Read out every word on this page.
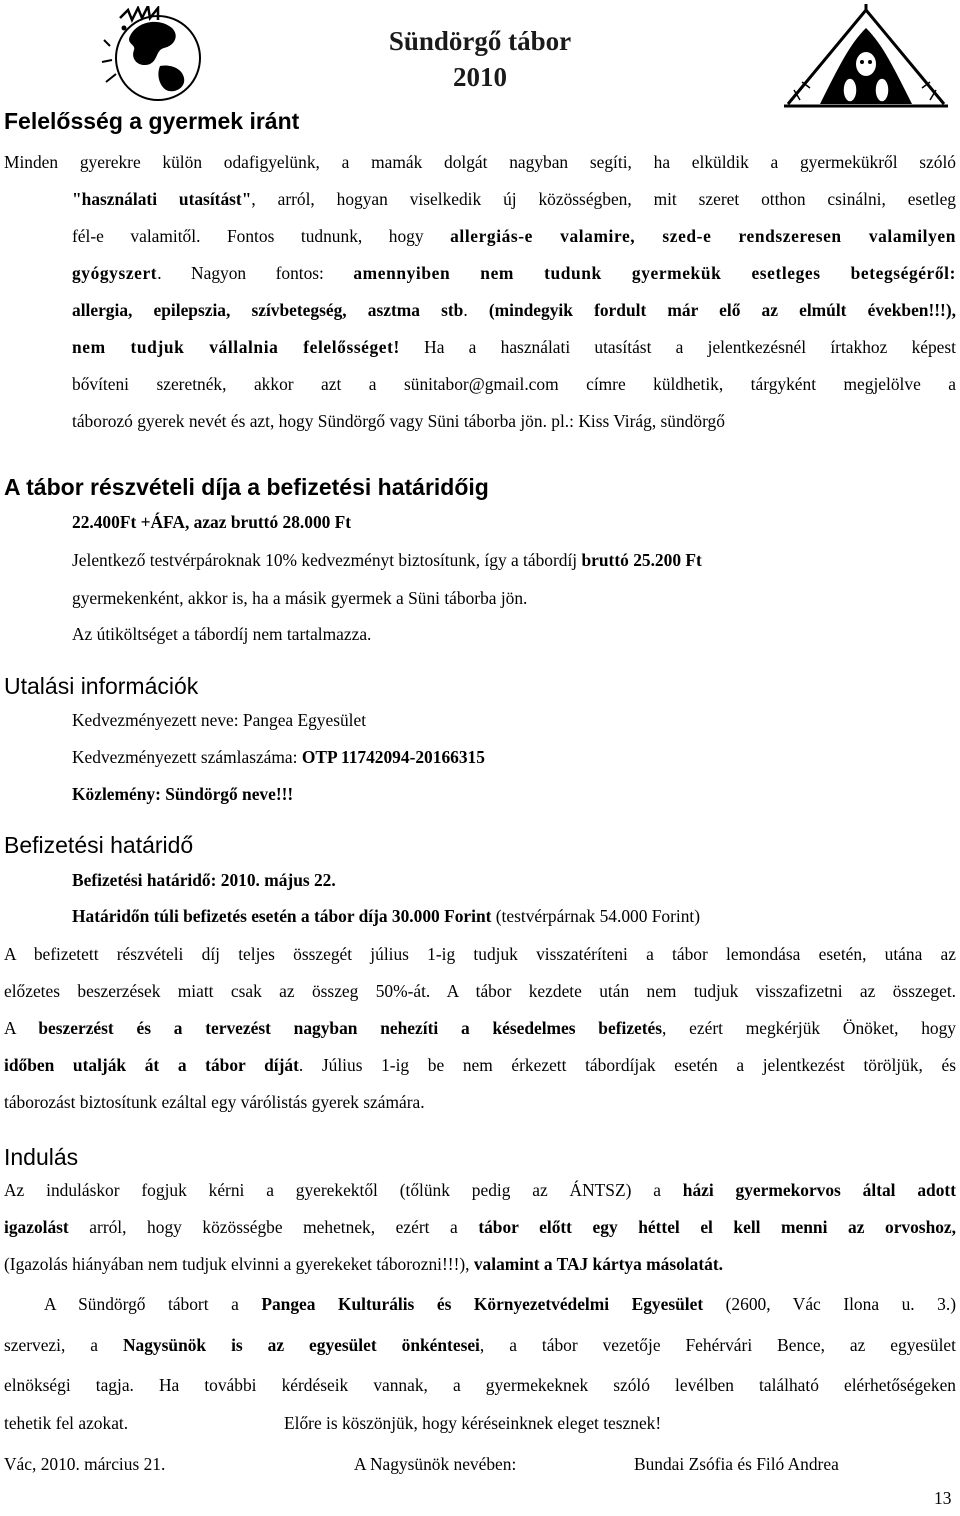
Sündörgő tábor
2010
Felelősség a gyermek iránt
Minden gyerekre külön odafigyelünk, a mamák dolgát nagyban segíti, ha elküldik a gyermekükről szóló
"használati utasítást", arról, hogyan viselkedik új közösségben, mit szeret otthon csinálni, esetleg
fél-e valamitől. Fontos tudnunk, hogy allergiás-e valamire, szed-e rendszeresen valamilyen
gyógyszert. Nagyon fontos: amennyiben nem tudunk gyermekük esetleges betegségéről:
allergia, epilepszia, szívbetegség, asztma stb. (mindegyik fordult már elő az elmúlt években!!!),
nem tudjuk vállalnia felelősséget! Ha a használati utasítást a jelentkezésnél írtakhoz képest
bővíteni szeretnék, akkor azt a sünitabor@gmail.com címre küldhetik, tárgyként megjelölve a
táborozó gyerek nevét és azt, hogy Sündörgő vagy Süni táborba jön. pl.: Kiss Virág, sündörgő
A tábor részvételi díja a befizetési határidőig
22.400Ft +ÁFA, azaz bruttó 28.000 Ft
Jelentkező testvérpároknak 10% kedvezményt biztosítunk, így a tábordíj bruttó 25.200 Ft
gyermekenként, akkor is, ha a másik gyermek a Süni táborba jön.
Az útiköltséget a tábordíj nem tartalmazza.
Utalási információk
Kedvezményezett neve: Pangea Egyesület
Kedvezményezett számlaszáma: OTP 11742094-20166315
Közlemény: Sündörgő neve!!!
Befizetési határidő
Befizetési határidő: 2010. május 22.
Határidőn túli befizetés esetén a tábor díja 30.000 Forint (testvérpárnak 54.000 Forint)
A befizetett részvételi díj teljes összegét július 1-ig tudjuk visszatéríteni a tábor lemondása esetén, utána az
előzetes beszerzések miatt csak az összeg 50%-át. A tábor kezdete után nem tudjuk visszafizetni az összeget.
A beszerzést és a tervezést nagyban nehezíti a késedelmes befizetés, ezért megkérjük Önöket, hogy
időben utalják át a tábor díját. Július 1-ig be nem érkezett tábordíjak esetén a jelentkezést töröljük, és
táborozást biztosítunk ezáltal egy várólistás gyerek számára.
Indulás
Az induláskor fogjuk kérni a gyerekektől (tőlünk pedig az ÁNTSZ) a házi gyermekorvos által adott
igazolást arról, hogy közösségbe mehetnek, ezért a tábor előtt egy héttel el kell menni az orvoshoz,
(Igazolás hiányában nem tudjuk elvinni a gyerekeket táborozni!!!), valamint a TAJ kártya másolatát.
A Sündörgő tábort a Pangea Kulturális és Környezetvédelmi Egyesület (2600, Vác Ilona u. 3.)
szervezi, a Nagysünök is az egyesület önkéntesei, a tábor vezetője Fehérvári Bence, az egyesület
elnökségi tagja. Ha további kérdéseik vannak, a gyermekeknek szóló levélben található elérhetőségeken
tehetik fel azokat.	Előre is köszönjük, hogy kéréseinknek eleget tesznek!
Vác, 2010. március 21.	A Nagysünök nevében:	Bundai Zsófia és Filó Andrea
13
